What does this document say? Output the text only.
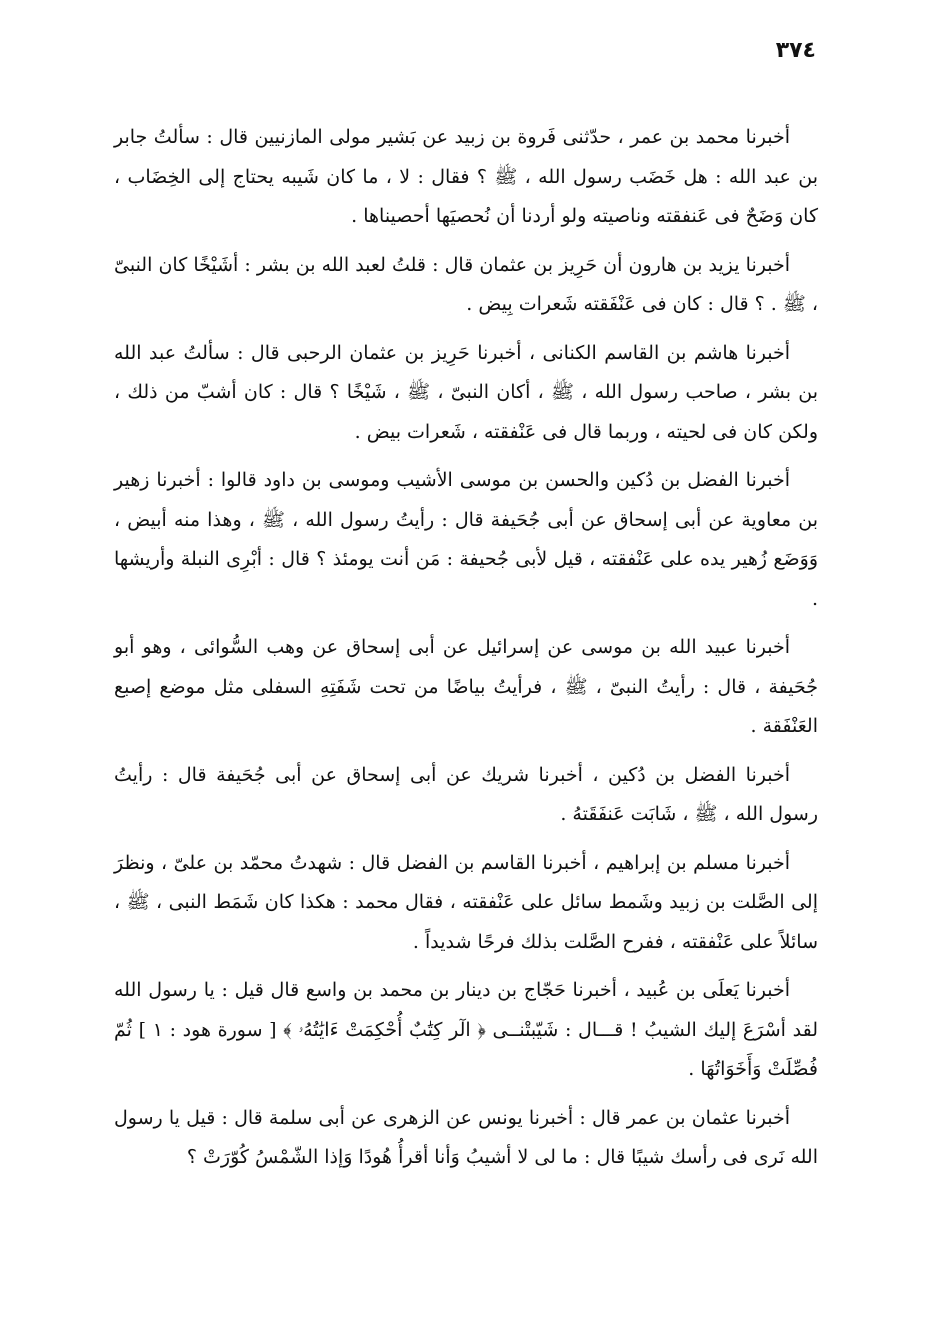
٣٧٤

أخبرنا محمد بن عمر ، حدّثنى فَروة بن زبيد عن بَشير مولى المازنيين قال : سألتُ جابر بن عبد الله : هل خَضَب رسول الله ، ﷺ ؟ فقال : لا ، ما كان شَيبه يحتاج إلى الخِضَاب ، كان وَضَحٌ فى عَنفقته وناصيته ولو أردنا أن نُحصيَها أحصيناها .

أخبرنا يزيد بن هارون أن حَرِيز بن عثمان قال : قلتُ لعبد الله بن بشر : أشَيْخًا كان النبىّ ، ﷺ . ؟ قال : كان فى عَنْفَقته شَعرات بِيض .

أخبرنا هاشم بن القاسم الكنانى ، أخبرنا حَرِيز بن عثمان الرحبى قال : سألتُ عبد الله بن بشر ، صاحب رسول الله ، ﷺ ، أكان النبىّ ، ﷺ ، شَيْخًا ؟ قال : كان أشبّ من ذلك ، ولكن كان فى لحيته ، وربما قال فى عَنْفقته ، شَعرات بيض .

أخبرنا الفضل بن دُكين والحسن بن موسى الأشيب وموسى بن داود قالوا : أخبرنا زهير بن معاوية عن أبى إسحاق عن أبى جُحَيفة قال : رأيتُ رسول الله ، ﷺ ، وهذا منه أبيض ، وَوَضَع زُهير يده على عَنْفقته ، قيل لأبى جُحيفة : مَن أنت يومئذ ؟ قال : أبْرِى النبلة وأريشها .

أخبرنا عبيد الله بن موسى عن إسرائيل عن أبى إسحاق عن وهب السُّوائى ، وهو أبو جُحَيفة ، قال : رأيتُ النبىّ ، ﷺ ، فرأيتُ بياضًا من تحت شَفَتِهِ السفلى مثل موضع إصبع العَنْفَقة .

أخبرنا الفضل بن دُكين ، أخبرنا شريك عن أبى إسحاق عن أبى جُحَيفة قال : رأيتُ رسول الله ، ﷺ ، شَابَت عَنفَقَتهُ .

أخبرنا مسلم بن إبراهيم ، أخبرنا القاسم بن الفضل قال : شهدتُ محمّد بن علىّ ، ونظرَ إلى الصَّلت بن زبيد وشَمط سائل على عَنْفقته ، فقال محمد : هكذا كان شَمَط النبى ، ﷺ ، سائلاً على عَنْفقته ، ففرح الصَّلت بذلك فرحًا شديداً .

أخبرنا يَعلَى بن عُبيد ، أخبرنا حَجّاج بن دينار بن محمد بن واسع قال قيل : يا رسول الله لقد أسْرَعَ إليك الشيبُ ! قـــال : شَيّبتْنــى ﴿ الٓر كِتَٰبٌ أُحْكِمَتْ ءَايَٰتُهُۥ ﴾ [ سورة هود : ١ ] ثُمّ فُصِّلَتْ وَأَخَوَاتُهَا .

أخبرنا عثمان بن عمر قال : أخبرنا يونس عن الزهرى عن أبى سلمة قال : قيل يا رسول الله نَرى فى رأسك شيبًا قال : ما لى لا أشيبُ وَأنا أقرأُ هُودًا وَإذا الشّمْسُ كُوّرَتْ ؟
